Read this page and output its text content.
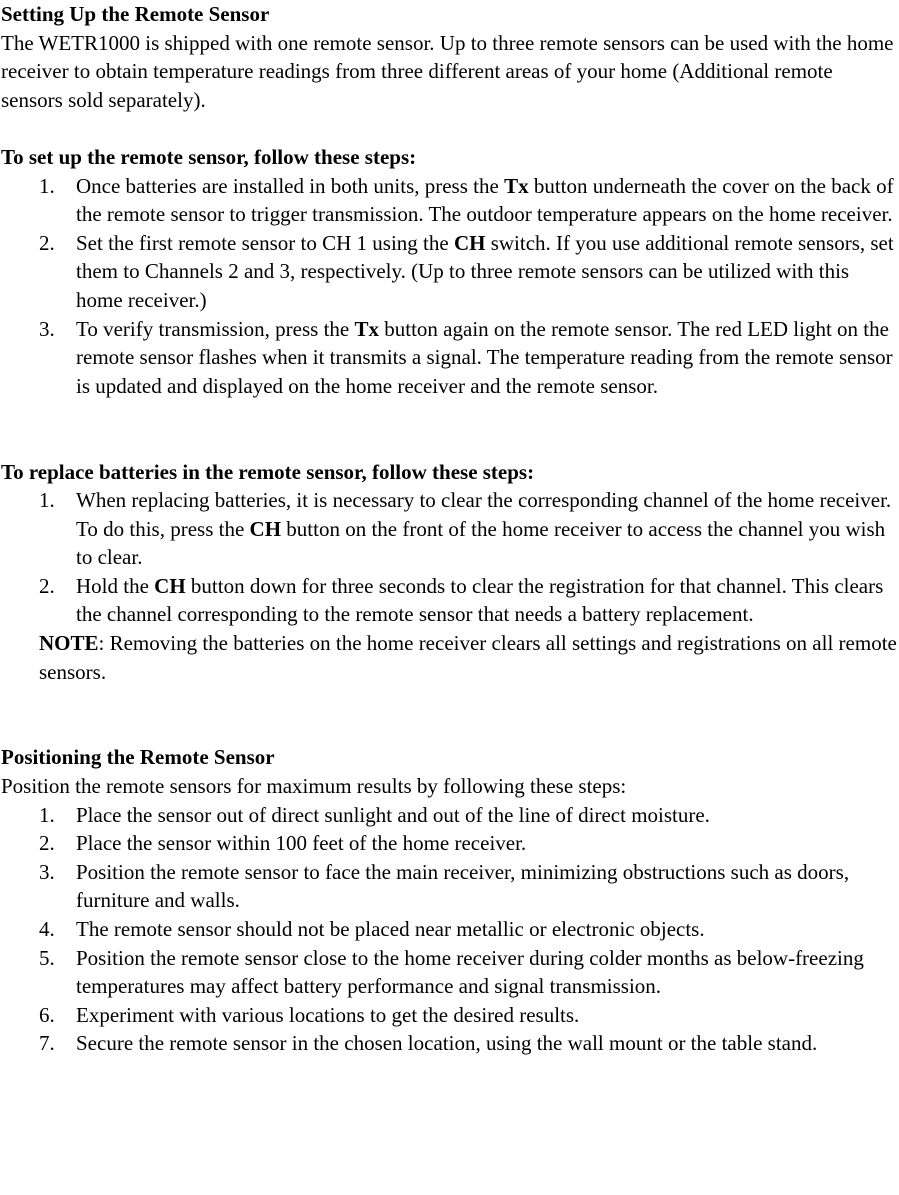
Setting Up the Remote Sensor

The WETR1000 is shipped with one remote sensor. Up to three remote sensors can be used with the home receiver to obtain temperature readings from three different areas of your home (Additional remote sensors sold separately).

To set up the remote sensor, follow these steps:

1. Once batteries are installed in both units, press the Tx button underneath the cover on the back of the remote sensor to trigger transmission. The outdoor temperature appears on the home receiver.
2. Set the first remote sensor to CH 1 using the CH switch. If you use additional remote sensors, set them to Channels 2 and 3, respectively. (Up to three remote sensors can be utilized with this home receiver.)
3. To verify transmission, press the Tx button again on the remote sensor. The red LED light on the remote sensor flashes when it transmits a signal. The temperature reading from the remote sensor is updated and displayed on the home receiver and the remote sensor.

To replace batteries in the remote sensor, follow these steps:

1. When replacing batteries, it is necessary to clear the corresponding channel of the home receiver. To do this, press the CH button on the front of the home receiver to access the channel you wish to clear.
2. Hold the CH button down for three seconds to clear the registration for that channel. This clears the channel corresponding to the remote sensor that needs a battery replacement.

NOTE: Removing the batteries on the home receiver clears all settings and registrations on all remote sensors.

Positioning the Remote Sensor

Position the remote sensors for maximum results by following these steps:

1. Place the sensor out of direct sunlight and out of the line of direct moisture.
2. Place the sensor within 100 feet of the home receiver.
3. Position the remote sensor to face the main receiver, minimizing obstructions such as doors, furniture and walls.
4. The remote sensor should not be placed near metallic or electronic objects.
5. Position the remote sensor close to the home receiver during colder months as below-freezing temperatures may affect battery performance and signal transmission.
6. Experiment with various locations to get the desired results.
7. Secure the remote sensor in the chosen location, using the wall mount or the table stand.
